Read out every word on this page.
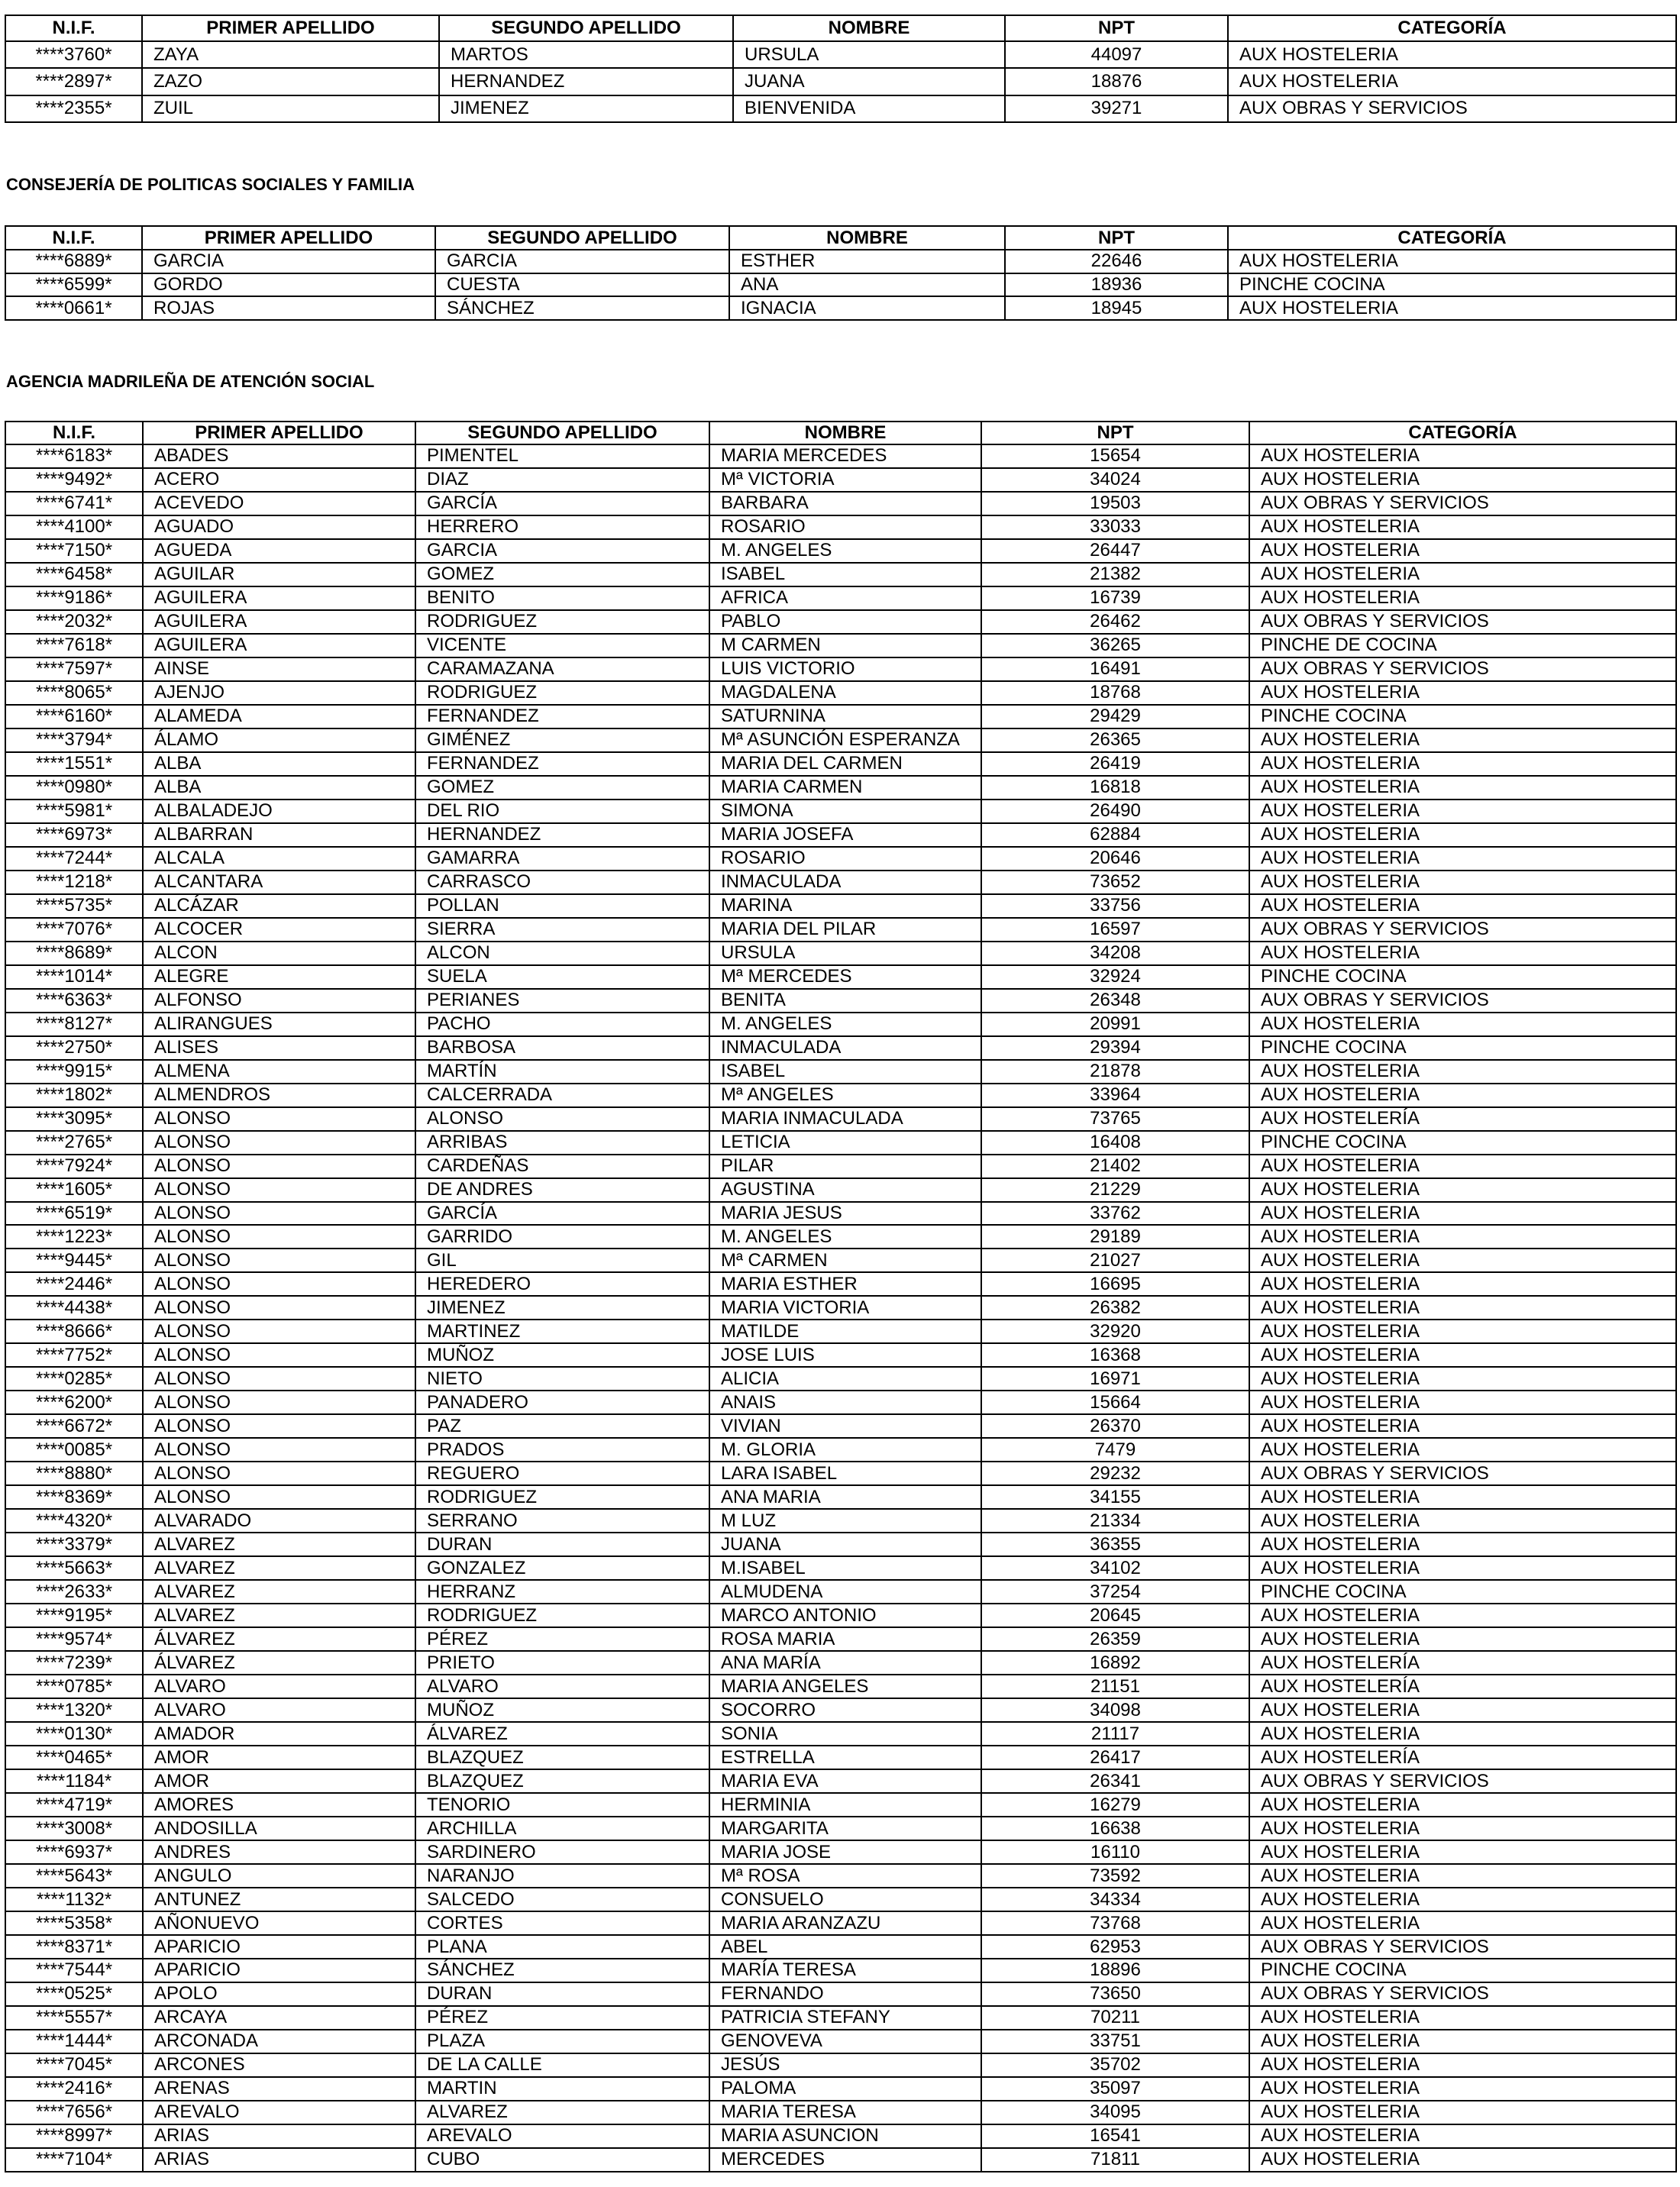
N.I.F.	PRIMER APELLIDO	SEGUNDO APELLIDO	NOMBRE	NPT	CATEGORÍA
****3760*	ZAYA	MARTOS	URSULA	44097	AUX HOSTELERIA
****2897*	ZAZO	HERNANDEZ	JUANA	18876	AUX HOSTELERIA
****2355*	ZUIL	JIMENEZ	BIENVENIDA	39271	AUX OBRAS Y SERVICIOS
CONSEJERÍA DE POLITICAS SOCIALES Y FAMILIA
N.I.F.	PRIMER APELLIDO	SEGUNDO APELLIDO	NOMBRE	NPT	CATEGORÍA
****6889*	GARCIA	GARCIA	ESTHER	22646	AUX HOSTELERIA
****6599*	GORDO	CUESTA	ANA	18936	PINCHE COCINA
****0661*	ROJAS	SÁNCHEZ	IGNACIA	18945	AUX HOSTELERIA
AGENCIA MADRILEÑA DE ATENCIÓN SOCIAL
N.I.F.	PRIMER APELLIDO	SEGUNDO APELLIDO	NOMBRE	NPT	CATEGORÍA
****6183*	ABADES	PIMENTEL	MARIA MERCEDES	15654	AUX HOSTELERIA
****9492*	ACERO	DIAZ	Mª VICTORIA	34024	AUX HOSTELERIA
****6741*	ACEVEDO	GARCÍA	BARBARA	19503	AUX OBRAS Y SERVICIOS
****4100*	AGUADO	HERRERO	ROSARIO	33033	AUX HOSTELERIA
****7150*	AGUEDA	GARCIA	M. ANGELES	26447	AUX HOSTELERIA
****6458*	AGUILAR	GOMEZ	ISABEL	21382	AUX HOSTELERIA
****9186*	AGUILERA	BENITO	AFRICA	16739	AUX HOSTELERIA
****2032*	AGUILERA	RODRIGUEZ	PABLO	26462	AUX OBRAS Y SERVICIOS
****7618*	AGUILERA	VICENTE	M CARMEN	36265	PINCHE DE COCINA
****7597*	AINSE	CARAMAZANA	LUIS VICTORIO	16491	AUX OBRAS Y SERVICIOS
****8065*	AJENJO	RODRIGUEZ	MAGDALENA	18768	AUX HOSTELERIA
****6160*	ALAMEDA	FERNANDEZ	SATURNINA	29429	PINCHE COCINA
****3794*	ÁLAMO	GIMÉNEZ	Mª ASUNCIÓN ESPERANZA	26365	AUX HOSTELERIA
****1551*	ALBA	FERNANDEZ	MARIA DEL CARMEN	26419	AUX HOSTELERIA
****0980*	ALBA	GOMEZ	MARIA CARMEN	16818	AUX HOSTELERIA
****5981*	ALBALADEJO	DEL RIO	SIMONA	26490	AUX HOSTELERIA
****6973*	ALBARRAN	HERNANDEZ	MARIA JOSEFA	62884	AUX HOSTELERIA
****7244*	ALCALA	GAMARRA	ROSARIO	20646	AUX HOSTELERIA
****1218*	ALCANTARA	CARRASCO	INMACULADA	73652	AUX HOSTELERIA
****5735*	ALCÁZAR	POLLAN	MARINA	33756	AUX HOSTELERIA
****7076*	ALCOCER	SIERRA	MARIA DEL PILAR	16597	AUX OBRAS Y SERVICIOS
****8689*	ALCON	ALCON	URSULA	34208	AUX HOSTELERIA
****1014*	ALEGRE	SUELA	Mª MERCEDES	32924	PINCHE COCINA
****6363*	ALFONSO	PERIANES	BENITA	26348	AUX OBRAS Y SERVICIOS
****8127*	ALIRANGUES	PACHO	M. ANGELES	20991	AUX HOSTELERIA
****2750*	ALISES	BARBOSA	INMACULADA	29394	PINCHE COCINA
****9915*	ALMENA	MARTÍN	ISABEL	21878	AUX HOSTELERIA
****1802*	ALMENDROS	CALCERRADA	Mª ANGELES	33964	AUX HOSTELERIA
****3095*	ALONSO	ALONSO	MARIA INMACULADA	73765	AUX HOSTELERÍA
****2765*	ALONSO	ARRIBAS	LETICIA	16408	PINCHE COCINA
****7924*	ALONSO	CARDEÑAS	PILAR	21402	AUX HOSTELERIA
****1605*	ALONSO	DE ANDRES	AGUSTINA	21229	AUX HOSTELERIA
****6519*	ALONSO	GARCÍA	MARIA JESUS	33762	AUX HOSTELERIA
****1223*	ALONSO	GARRIDO	M. ANGELES	29189	AUX HOSTELERIA
****9445*	ALONSO	GIL	Mª CARMEN	21027	AUX HOSTELERIA
****2446*	ALONSO	HEREDERO	MARIA ESTHER	16695	AUX HOSTELERIA
****4438*	ALONSO	JIMENEZ	MARIA VICTORIA	26382	AUX HOSTELERIA
****8666*	ALONSO	MARTINEZ	MATILDE	32920	AUX HOSTELERIA
****7752*	ALONSO	MUÑOZ	JOSE LUIS	16368	AUX HOSTELERIA
****0285*	ALONSO	NIETO	ALICIA	16971	AUX HOSTELERIA
****6200*	ALONSO	PANADERO	ANAIS	15664	AUX HOSTELERIA
****6672*	ALONSO	PAZ	VIVIAN	26370	AUX HOSTELERIA
****0085*	ALONSO	PRADOS	M. GLORIA	7479	AUX HOSTELERIA
****8880*	ALONSO	REGUERO	LARA ISABEL	29232	AUX OBRAS Y SERVICIOS
****8369*	ALONSO	RODRIGUEZ	ANA MARIA	34155	AUX HOSTELERIA
****4320*	ALVARADO	SERRANO	M LUZ	21334	AUX HOSTELERIA
****3379*	ALVAREZ	DURAN	JUANA	36355	AUX HOSTELERIA
****5663*	ALVAREZ	GONZALEZ	M.ISABEL	34102	AUX HOSTELERIA
****2633*	ALVAREZ	HERRANZ	ALMUDENA	37254	PINCHE COCINA
****9195*	ALVAREZ	RODRIGUEZ	MARCO ANTONIO	20645	AUX HOSTELERIA
****9574*	ÁLVAREZ	PÉREZ	ROSA MARIA	26359	AUX HOSTELERIA
****7239*	ÁLVAREZ	PRIETO	ANA MARÍA	16892	AUX HOSTELERÍA
****0785*	ALVARO	ALVARO	MARIA ANGELES	21151	AUX HOSTELERÍA
****1320*	ALVARO	MUÑOZ	SOCORRO	34098	AUX HOSTELERIA
****0130*	AMADOR	ÁLVAREZ	SONIA	21117	AUX HOSTELERIA
****0465*	AMOR	BLAZQUEZ	ESTRELLA	26417	AUX HOSTELERÍA
****1184*	AMOR	BLAZQUEZ	MARIA EVA	26341	AUX OBRAS Y SERVICIOS
****4719*	AMORES	TENORIO	HERMINIA	16279	AUX HOSTELERIA
****3008*	ANDOSILLA	ARCHILLA	MARGARITA	16638	AUX HOSTELERIA
****6937*	ANDRES	SARDINERO	MARIA JOSE	16110	AUX HOSTELERIA
****5643*	ANGULO	NARANJO	Mª ROSA	73592	AUX HOSTELERIA
****1132*	ANTUNEZ	SALCEDO	CONSUELO	34334	AUX HOSTELERIA
****5358*	AÑONUEVO	CORTES	MARIA ARANZAZU	73768	AUX HOSTELERIA
****8371*	APARICIO	PLANA	ABEL	62953	AUX OBRAS Y SERVICIOS
****7544*	APARICIO	SÁNCHEZ	MARÍA TERESA	18896	PINCHE COCINA
****0525*	APOLO	DURAN	FERNANDO	73650	AUX OBRAS Y SERVICIOS
****5557*	ARCAYA	PÉREZ	PATRICIA STEFANY	70211	AUX HOSTELERIA
****1444*	ARCONADA	PLAZA	GENOVEVA	33751	AUX HOSTELERIA
****7045*	ARCONES	DE LA CALLE	JESÚS	35702	AUX HOSTELERIA
****2416*	ARENAS	MARTIN	PALOMA	35097	AUX HOSTELERIA
****7656*	AREVALO	ALVAREZ	MARIA TERESA	34095	AUX HOSTELERIA
****8997*	ARIAS	AREVALO	MARIA ASUNCION	16541	AUX HOSTELERIA
****7104*	ARIAS	CUBO	MERCEDES	71811	AUX HOSTELERIA
